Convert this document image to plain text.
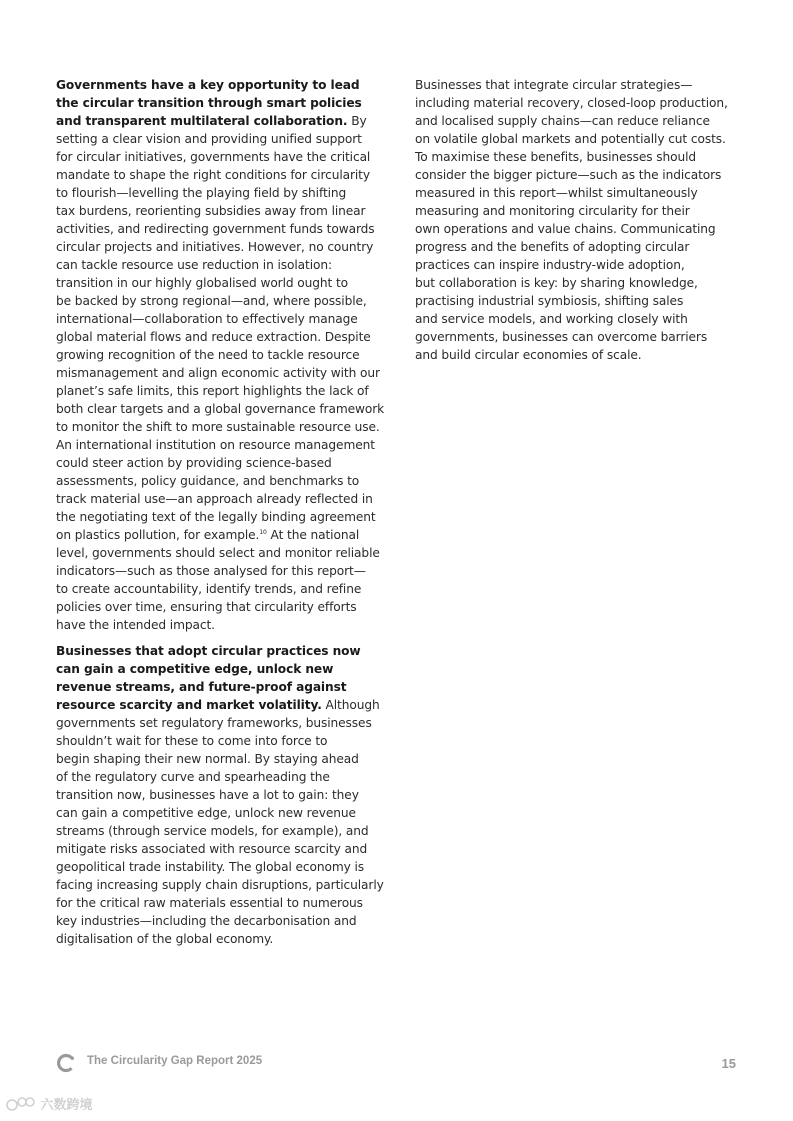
Governments have a key opportunity to lead
the circular transition through smart policies
and transparent multilateral collaboration. By
setting a clear vision and providing unified support
for circular initiatives, governments have the critical
mandate to shape the right conditions for circularity
to flourish—levelling the playing field by shifting
tax burdens, reorienting subsidies away from linear
activities, and redirecting government funds towards
circular projects and initiatives. However, no country
can tackle resource use reduction in isolation:
transition in our highly globalised world ought to
be backed by strong regional—and, where possible,
international—collaboration to effectively manage
global material flows and reduce extraction. Despite
growing recognition of the need to tackle resource
mismanagement and align economic activity with our
planet’s safe limits, this report highlights the lack of
both clear targets and a global governance framework
to monitor the shift to more sustainable resource use.
An international institution on resource management
could steer action by providing science-based
assessments, policy guidance, and benchmarks to
track material use—an approach already reflected in
the negotiating text of the legally binding agreement
on plastics pollution, for example.$^{10}$ At the national
level, governments should select and monitor reliable
indicators—such as those analysed for this report—
to create accountability, identify trends, and refine
policies over time, ensuring that circularity efforts
have the intended impact.
Businesses that adopt circular practices now
can gain a competitive edge, unlock new
revenue streams, and future-proof against
resource scarcity and market volatility. Although
governments set regulatory frameworks, businesses
shouldn’t wait for these to come into force to
begin shaping their new normal. By staying ahead
of the regulatory curve and spearheading the
transition now, businesses have a lot to gain: they
can gain a competitive edge, unlock new revenue
streams (through service models, for example), and
mitigate risks associated with resource scarcity and
geopolitical trade instability. The global economy is
facing increasing supply chain disruptions, particularly
for the critical raw materials essential to numerous
key industries—including the decarbonisation and
digitalisation of the global economy.
Businesses that integrate circular strategies—
including material recovery, closed-loop production,
and localised supply chains—can reduce reliance
on volatile global markets and potentially cut costs.
To maximise these benefits, businesses should
consider the bigger picture—such as the indicators
measured in this report—whilst simultaneously
measuring and monitoring circularity for their
own operations and value chains. Communicating
progress and the benefits of adopting circular
practices can inspire industry-wide adoption,
but collaboration is key: by sharing knowledge,
practising industrial symbiosis, shifting sales
and service models, and working closely with
governments, businesses can overcome barriers
and build circular economies of scale.
The Circularity Gap Report 2025	15
六数跨境
